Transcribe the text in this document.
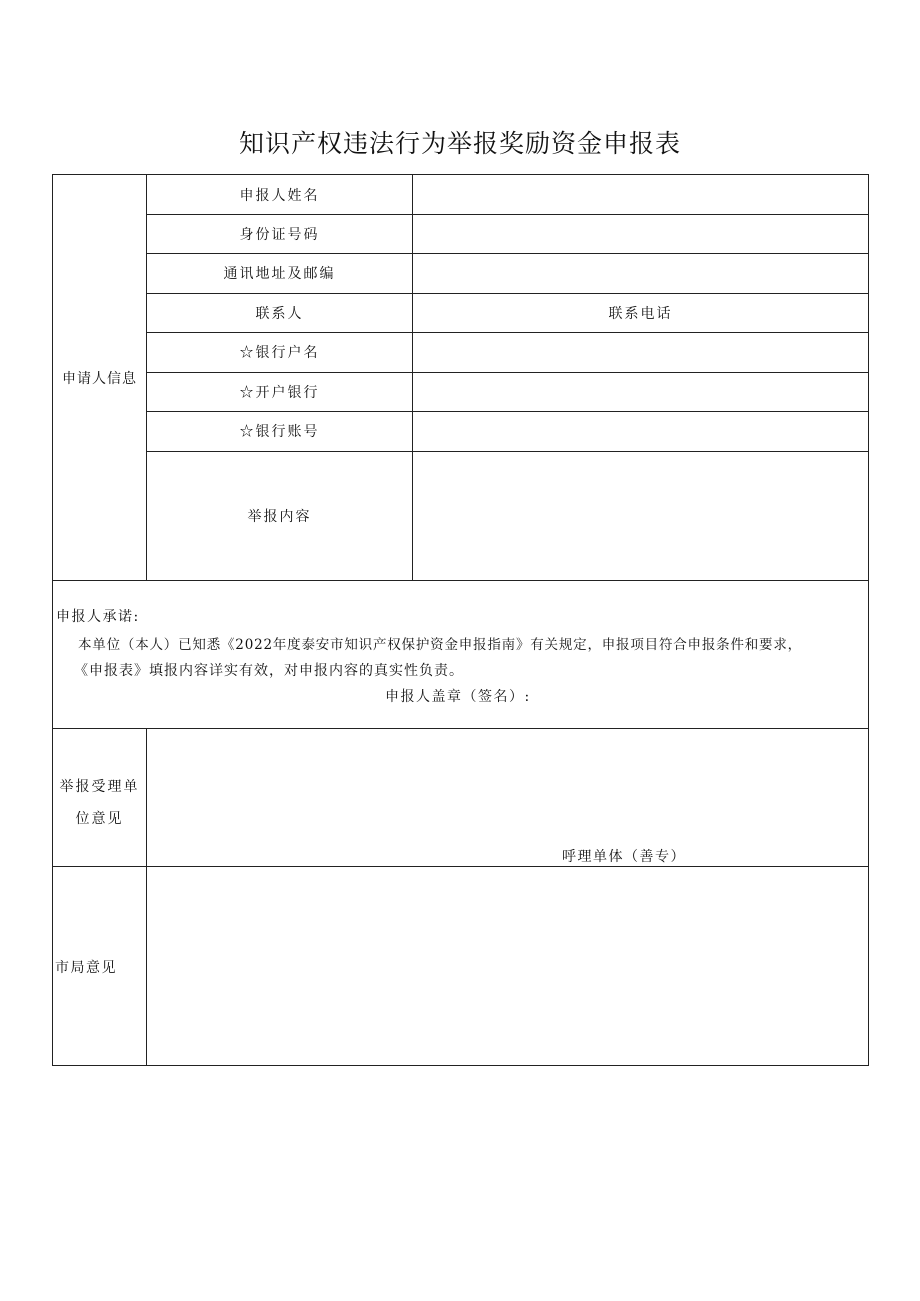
知识产权违法行为举报奖励资金申报表
申请人信息
申报人姓名
身份证号码
通讯地址及邮编
联系人	联系电话
☆银行户名
☆开户银行
☆银行账号
举报内容
申报人承诺:
本单位（本人）已知悉《2022年度泰安市知识产权保护资金申报指南》有关规定，申报项目符合申报条件和要求，
《申报表》填报内容详实有效，对申报内容的真实性负责。
申报人盖章（签名）:
举报受理单
位意见
呼理单体（善专）
市局意见
